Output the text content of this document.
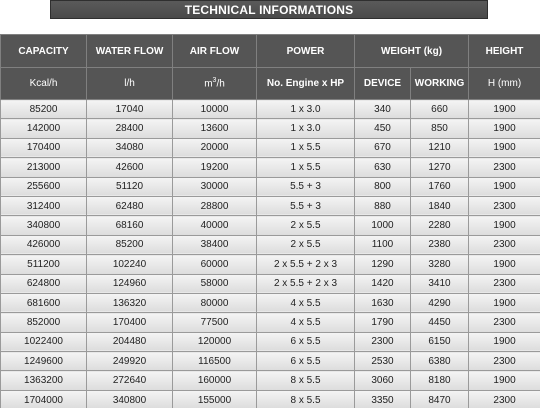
TECHNICAL INFORMATIONS
CAPACITY	WATER FLOW	AIR FLOW	POWER	WEIGHT (kg)		HEIGHT
Kcal/h	l/h	$m^3/h$	No. Engine x HP	DEVICE	WORKING	H (mm)
85200	17040	10000	1 x 3.0	340	660	1900
142000	28400	13600	1 x 3.0	450	850	1900
170400	34080	20000	1 x 5.5	670	1210	1900
213000	42600	19200	1 x 5.5	630	1270	2300
255600	51120	30000	5.5 + 3	800	1760	1900
312400	62480	28800	5.5 + 3	880	1840	2300
340800	68160	40000	2 x 5.5	1000	2280	1900
426000	85200	38400	2 x 5.5	1100	2380	2300
511200	102240	60000	2 x 5.5 + 2 x 3	1290	3280	1900
624800	124960	58000	2 x 5.5 + 2 x 3	1420	3410	2300
681600	136320	80000	4 x 5.5	1630	4290	1900
852000	170400	77500	4 x 5.5	1790	4450	2300
1022400	204480	120000	6 x 5.5	2300	6150	1900
1249600	249920	116500	6 x 5.5	2530	6380	2300
1363200	272640	160000	8 x 5.5	3060	8180	1900
1704000	340800	155000	8 x 5.5	3350	8470	2300
